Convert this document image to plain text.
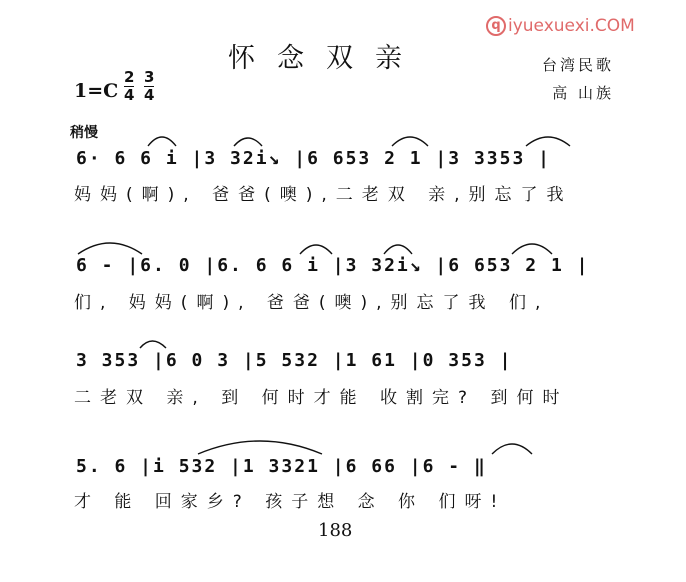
q iyuexuexi.COM
怀念双亲	台湾民歌
高 山族
1=C
2
4
3
4
稍慢
6· 6 6 i |3 32i↘ |6 653 2 1 |3 3353 |
妈妈(啊), 爸爸(噢),二老双 亲,别忘了我
6 - |6. 0 |6. 6 6 i |3 32i↘ |6 653 2 1 |
们, 妈妈(啊), 爸爸(噢),别忘了我 们,
3 353 |6 0 3 |5 532 |1 61 |0 353 |
二老双 亲, 到 何时才能 收割完? 到何时
5. 6 |i 532 |1 3321 |6 66 |6 - ‖
才 能 回家乡? 孩子想 念 你 们呀!
188
